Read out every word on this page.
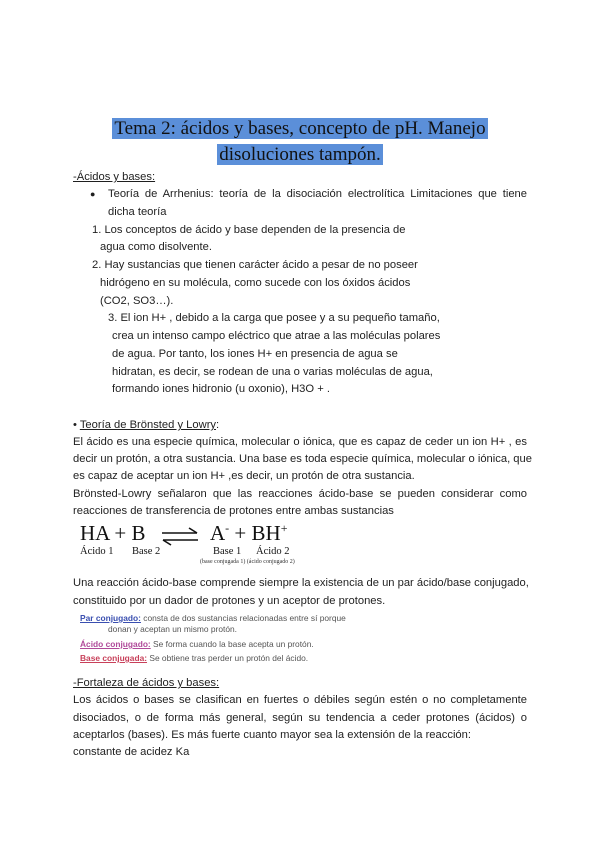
Tema 2: ácidos y bases, concepto de pH. Manejo
disoluciones tampón.
-Ácidos y bases:
● Teoría de Arrhenius: teoría de la disociación electrolítica Limitaciones que tiene
dicha teoría
1. Los conceptos de ácido y base dependen de la presencia de
agua como disolvente.
2. Hay sustancias que tienen carácter ácido a pesar de no poseer
hidrógeno en su molécula, como sucede con los óxidos ácidos
(CO2, SO3…).
3. El ion H+ , debido a la carga que posee y a su pequeño tamaño,
crea un intenso campo eléctrico que atrae a las moléculas polares
de agua. Por tanto, los iones H+ en presencia de agua se
hidratan, es decir, se rodean de una o varias moléculas de agua,
formando iones hidronio (u oxonio), H3O + .
• Teoría de Brönsted y Lowry:
El ácido es una especie química, molecular o iónica, que es capaz de ceder un ion H+ , es
decir un protón, a otra sustancia. Una base es toda especie química, molecular o iónica, que
es capaz de aceptar un ion H+ ,es decir, un protón de otra sustancia.
Brönsted-Lowry señalaron que las reacciones ácido-base se pueden considerar como
reacciones de transferencia de protones entre ambas sustancias
HA + B ⇌ A- + BH+
Ácido 1 Base 2	Base 1 Ácido 2
(base conjugada 1) (ácido conjugado 2)
Una reacción ácido-base comprende siempre la existencia de un par ácido/base conjugado,
constituido por un dador de protones y un aceptor de protones.
Par conjugado: consta de dos sustancias relacionadas entre sí porque
donan y aceptan un mismo protón.
Ácido conjugado: Se forma cuando la base acepta un protón.
Base conjugada: Se obtiene tras perder un protón del ácido.
-Fortaleza de ácidos y bases:
Los ácidos o bases se clasifican en fuertes o débiles según estén o no completamente
disociados, o de forma más general, según su tendencia a ceder protones (ácidos) o
aceptarlos (bases). Es más fuerte cuanto mayor sea la extensión de la reacción:
constante de acidez Ka
